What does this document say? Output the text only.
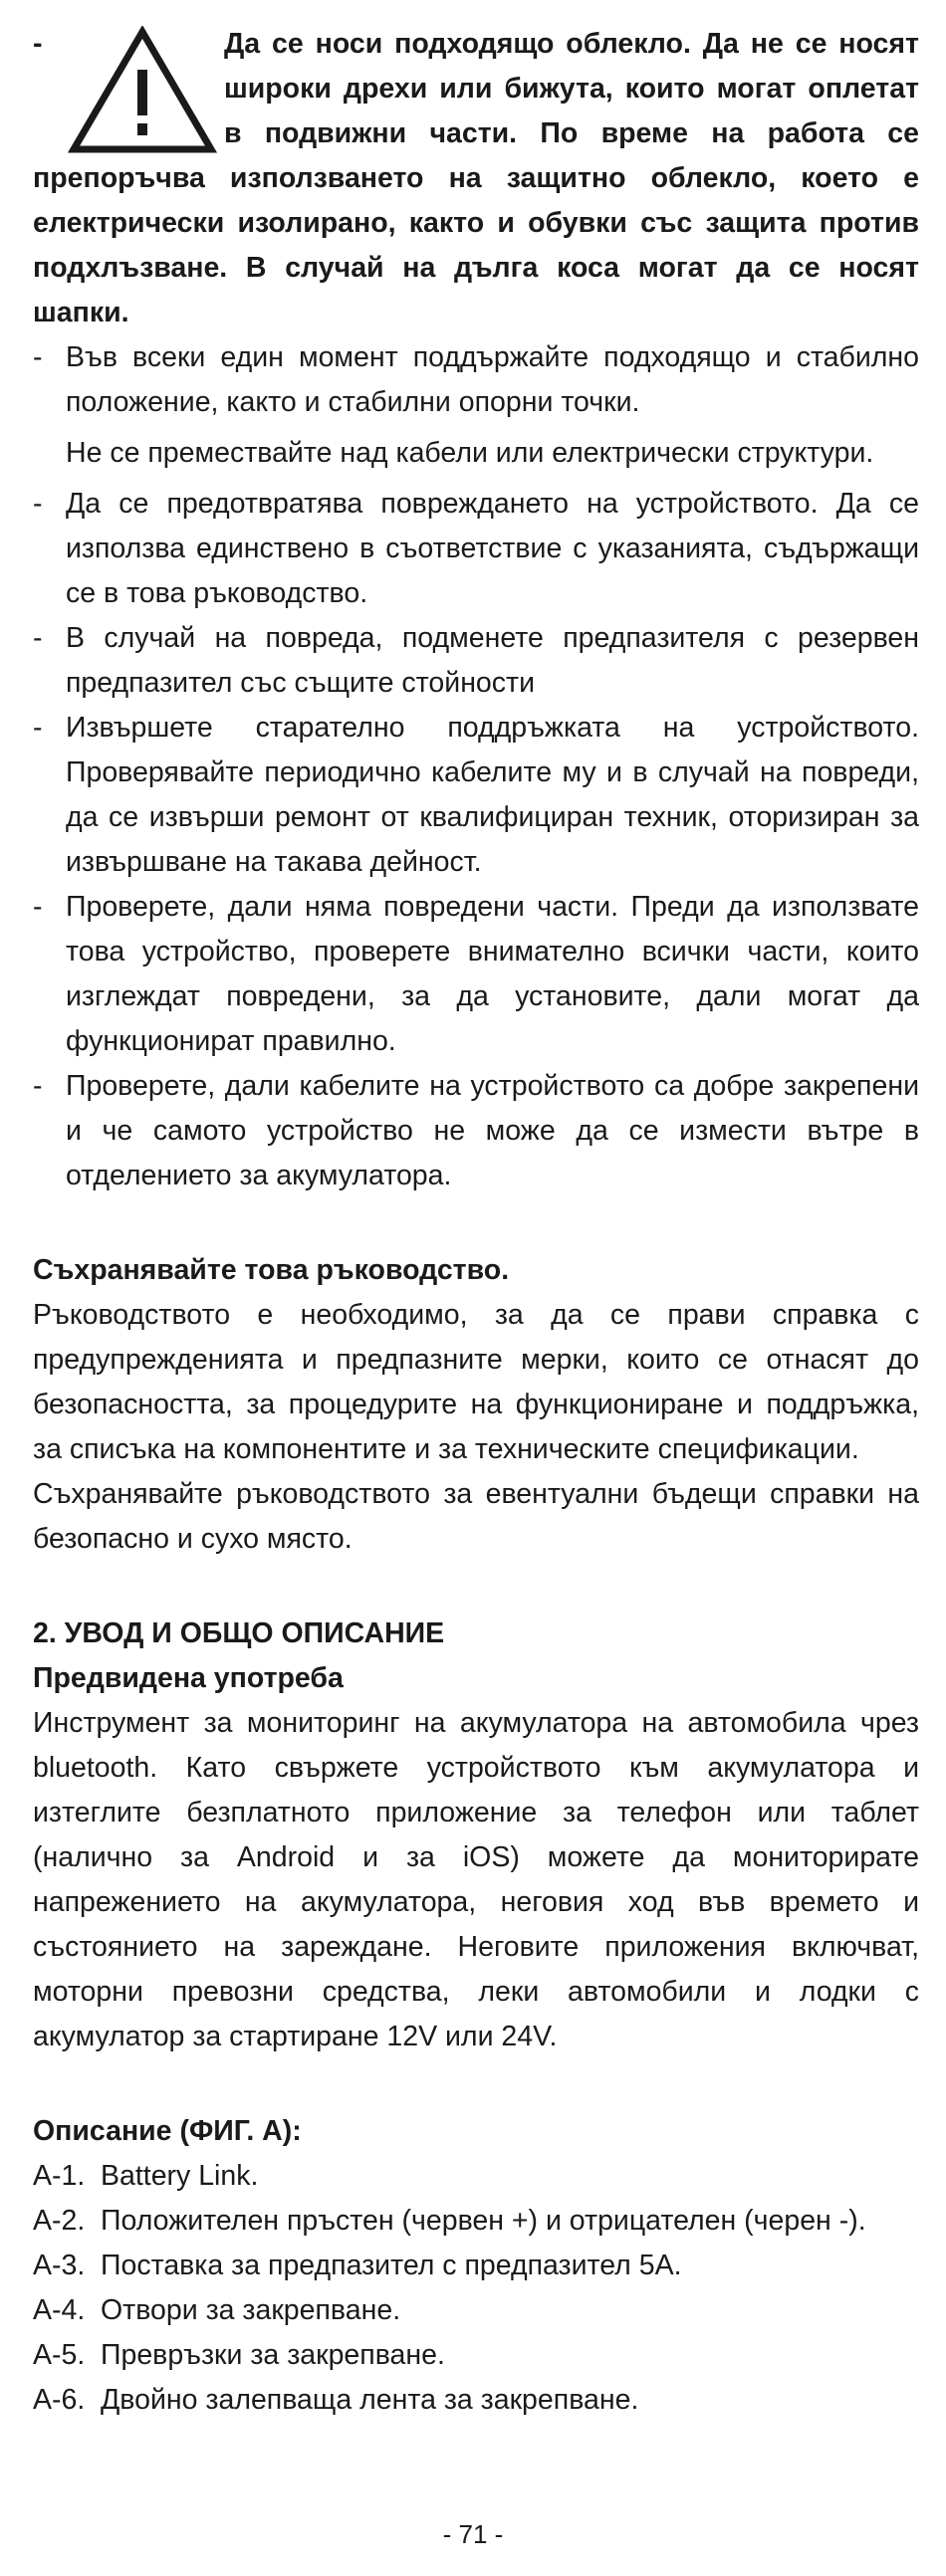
-	Да се носи подходящо облекло. Да не се носят широки дрехи или бижута, които могат оплетат в подвижни части. По време на работа се препоръчва използването на защитно облекло, което е електрически изолирано, както и обувки със защита против подхлъзване. В случай на дълга коса могат да се носят шапки.

- Във всеки един момент поддържайте подходящо и стабилно положение, както и стабилни опорни точки.

Не се премествайте над кабели или електрически структури.

- Да се предотвратява повреждането на устройството. Да се използва единствено в съответствие с указанията, съдържащи се в това ръководство.

- В случай на повреда, подменете предпазителя с резервен предпазител със същите стойности

- Извършете старателно поддръжката на устройството. Проверявайте периодично кабелите му и в случай на повреди, да се извърши ремонт от квалифициран техник, оторизиран за извършване на такава дейност.

- Проверете, дали няма повредени части. Преди да използвате това устройство, проверете внимателно всички части, които изглеждат повредени, за да установите, дали могат да функционират правилно.

- Проверете, дали кабелите на устройството са добре закрепени и че самото устройство не може да се измести вътре в отделението за акумулатора.

Съхранявайте това ръководство.

Ръководството е необходимо, за да се прави справка с предупрежденията и предпазните мерки, които се отнасят до безопасността, за процедурите на функциониране и поддръжка, за списъка на компонентите и за техническите спецификации.

Съхранявайте ръководството за евентуални бъдещи справки на безопасно и сухо място.

2. УВОД И ОБЩО ОПИСАНИЕ

Предвидена употреба

Инструмент за мониторинг на акумулатора на автомобила чрез bluetooth. Като свържете устройството към акумулатора и изтеглите безплатното приложение за телефон или таблет (налично за Android и за iOS) можете да мониторирате напрежението на акумулатора, неговия ход във времето и състоянието на зареждане. Неговите приложения включват, моторни превозни средства, леки автомобили и лодки с акумулатор за стартиране 12V или 24V.

Описание (ФИГ. А):

A-1. Battery Link.
A-2. Положителен пръстен (червен +) и отрицателен (черен -).
A-3. Поставка за предпазител с предпазител 5А.
A-4. Отвори за закрепване.
A-5. Превръзки за закрепване.
A-6. Двойно залепваща лента за закрепване.
- 71 -
